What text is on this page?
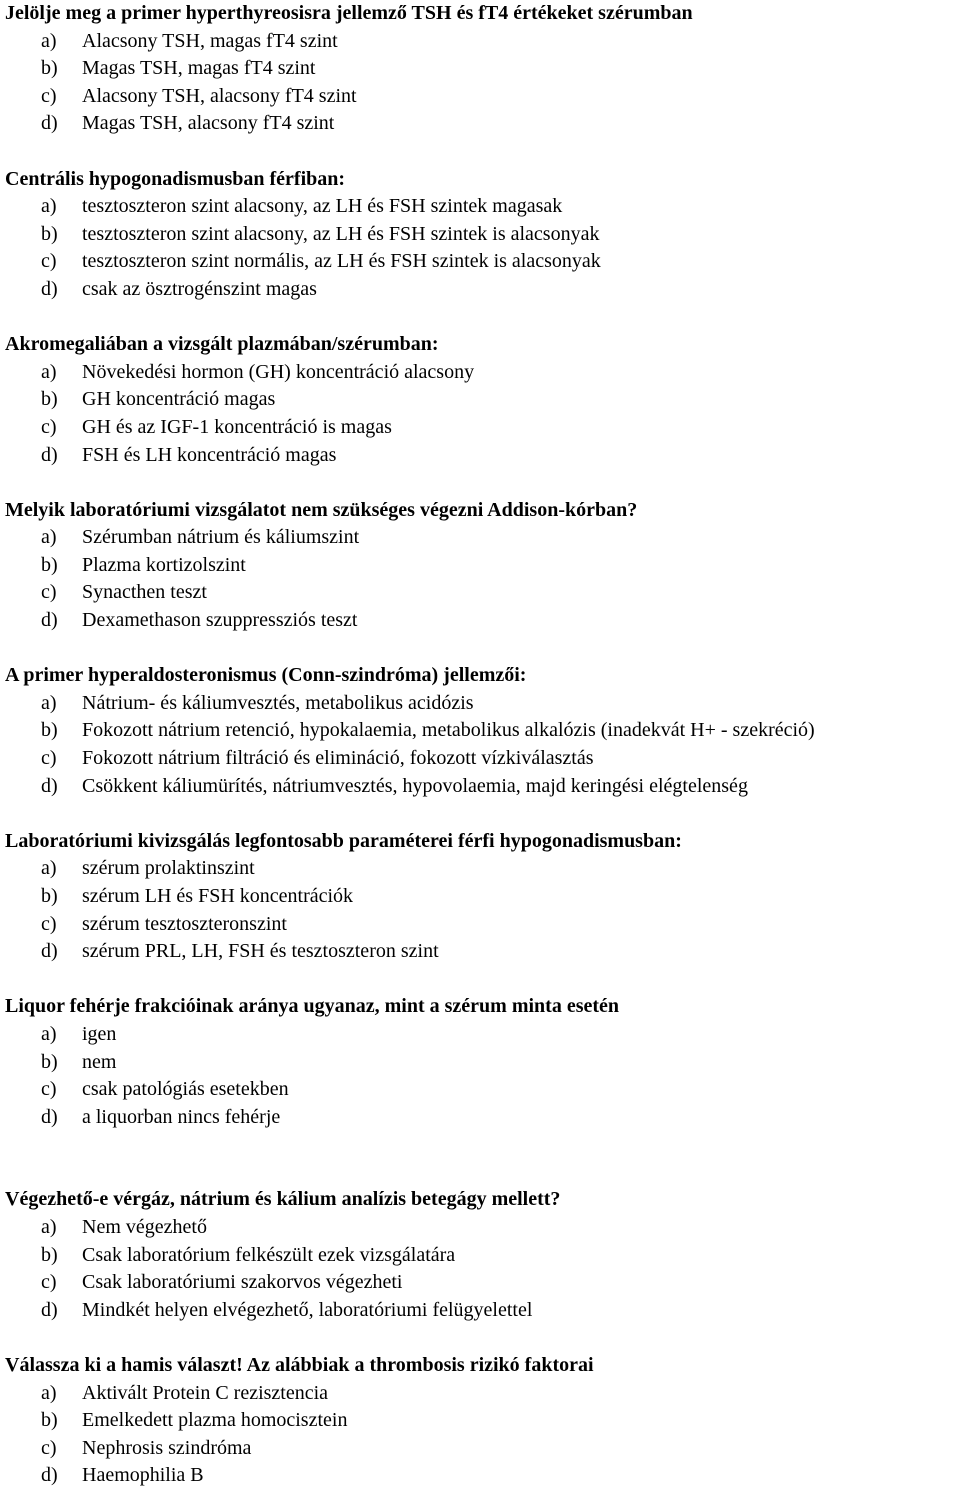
Jelölje meg a primer hyperthyreosisra jellemző TSH és fT4 értékeket szérumban

a) Alacsony TSH, magas fT4 szint
b) Magas TSH, magas fT4 szint
c) Alacsony TSH, alacsony fT4 szint
d) Magas TSH, alacsony fT4 szint

Centrális hypogonadismusban férfiban:

a) tesztoszteron szint alacsony, az LH és FSH szintek magasak
b) tesztoszteron szint alacsony, az LH és FSH szintek is alacsonyak
c) tesztoszteron szint normális, az LH és FSH szintek is alacsonyak
d) csak az ösztrogénszint magas

Akromegaliában a vizsgált plazmában/szérumban:

a) Növekedési hormon (GH) koncentráció alacsony
b) GH koncentráció magas
c) GH és az IGF-1 koncentráció is magas
d) FSH és LH koncentráció magas

Melyik laboratóriumi vizsgálatot nem szükséges végezni Addison-kórban?

a) Szérumban nátrium és káliumszint
b) Plazma kortizolszint
c) Synacthen teszt
d) Dexamethason szuppressziós teszt

A primer hyperaldosteronismus (Conn-szindróma) jellemzői:

a) Nátrium- és káliumvesztés, metabolikus acidózis
b) Fokozott nátrium retenció, hypokalaemia, metabolikus alkalózis (inadekvát H+ - szekréció)
c) Fokozott nátrium filtráció és elimináció, fokozott vízkiválasztás
d) Csökkent káliumürítés, nátriumvesztés, hypovolaemia, majd keringési elégtelenség

Laboratóriumi kivizsgálás legfontosabb paraméterei férfi hypogonadismusban:

a) szérum prolaktinszint
b) szérum LH és FSH koncentrációk
c) szérum tesztoszteronszint
d) szérum PRL, LH, FSH és tesztoszteron szint

Liquor fehérje frakcióinak aránya ugyanaz, mint a szérum minta esetén

a) igen
b) nem
c) csak patológiás esetekben
d) a liquorban nincs fehérje

Végezhető-e vérgáz, nátrium és kálium analízis betegágy mellett?

a) Nem végezhető
b) Csak laboratórium felkészült ezek vizsgálatára
c) Csak laboratóriumi szakorvos végezheti
d) Mindkét helyen elvégezhető, laboratóriumi felügyelettel

Válassza ki a hamis választ! Az alábbiak a thrombosis rizikó faktorai

a) Aktivált Protein C rezisztencia
b) Emelkedett plazma homocisztein
c) Nephrosis szindróma
d) Haemophilia B
